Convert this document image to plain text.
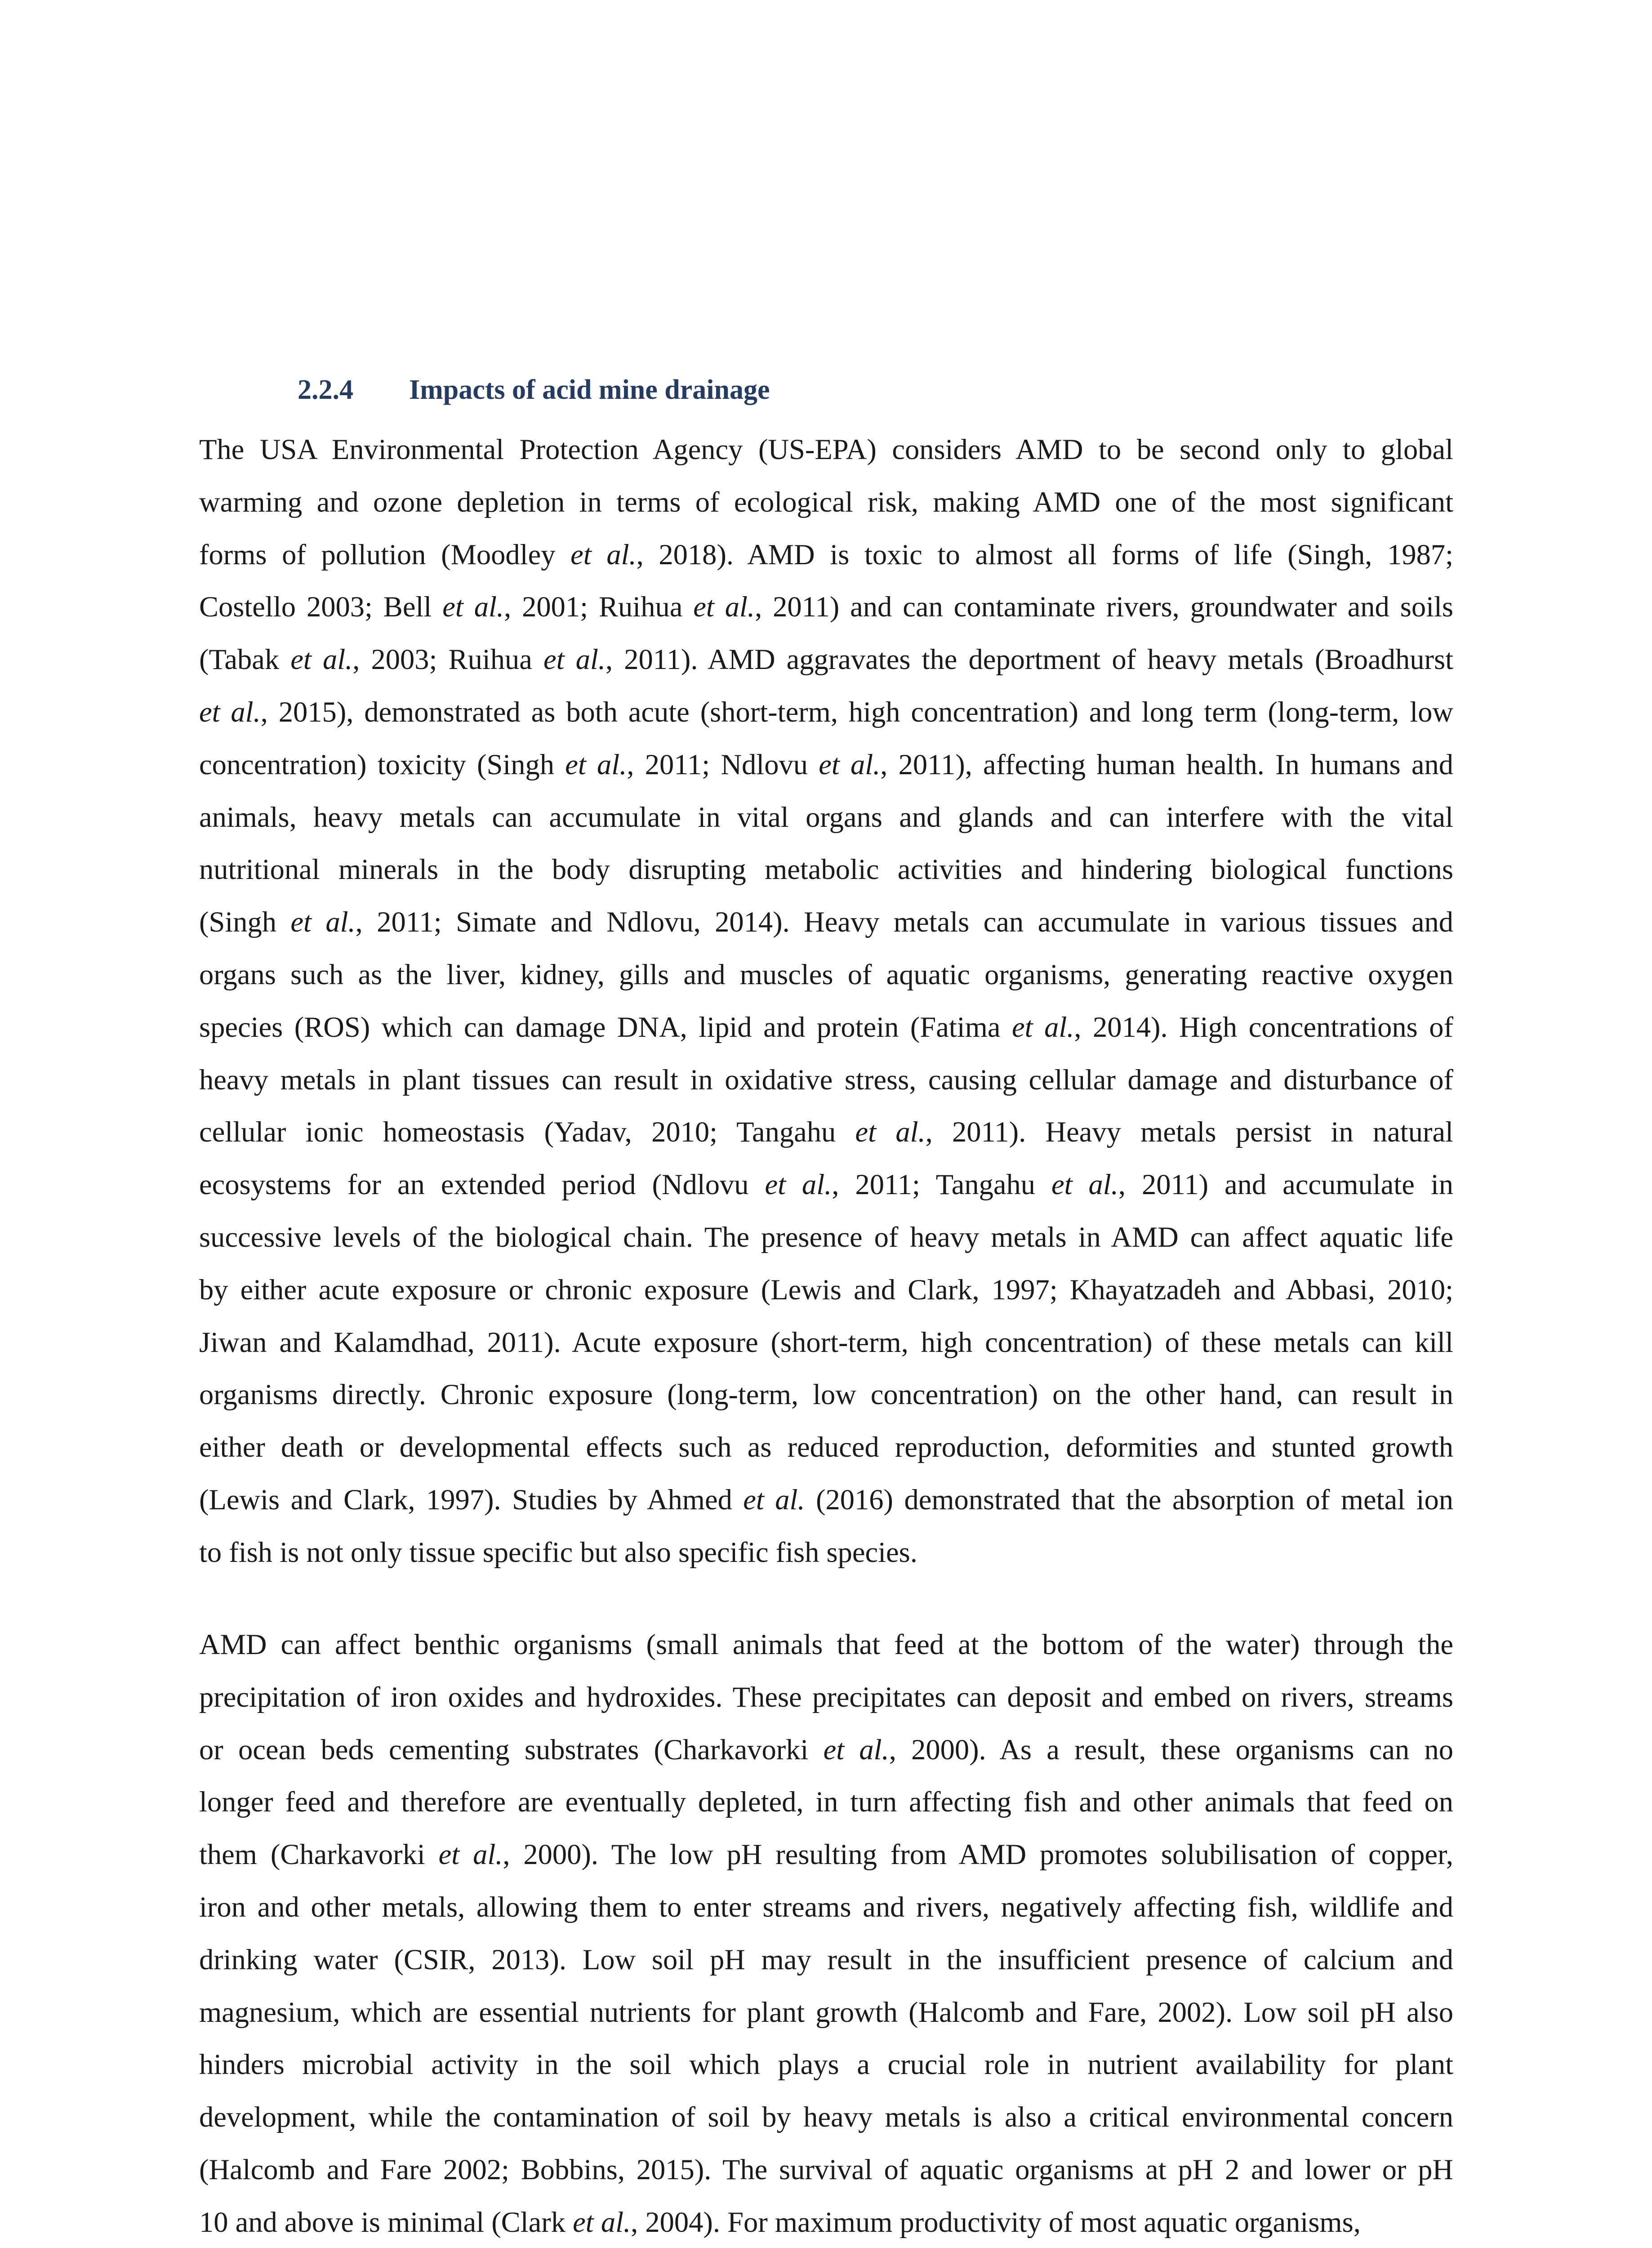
2.2.4 Impacts of acid mine drainage
The USA Environmental Protection Agency (US-EPA) considers AMD to be second only to global
warming and ozone depletion in terms of ecological risk, making AMD one of the most significant
forms of pollution (Moodley et al., 2018). AMD is toxic to almost all forms of life (Singh, 1987;
Costello 2003; Bell et al., 2001; Ruihua et al., 2011) and can contaminate rivers, groundwater and soils
(Tabak et al., 2003; Ruihua et al., 2011). AMD aggravates the deportment of heavy metals (Broadhurst
et al., 2015), demonstrated as both acute (short-term, high concentration) and long term (long-term, low
concentration) toxicity (Singh et al., 2011; Ndlovu et al., 2011), affecting human health. In humans and
animals, heavy metals can accumulate in vital organs and glands and can interfere with the vital
nutritional minerals in the body disrupting metabolic activities and hindering biological functions
(Singh et al., 2011; Simate and Ndlovu, 2014). Heavy metals can accumulate in various tissues and
organs such as the liver, kidney, gills and muscles of aquatic organisms, generating reactive oxygen
species (ROS) which can damage DNA, lipid and protein (Fatima et al., 2014). High concentrations of
heavy metals in plant tissues can result in oxidative stress, causing cellular damage and disturbance of
cellular ionic homeostasis (Yadav, 2010; Tangahu et al., 2011). Heavy metals persist in natural
ecosystems for an extended period (Ndlovu et al., 2011; Tangahu et al., 2011) and accumulate in
successive levels of the biological chain. The presence of heavy metals in AMD can affect aquatic life
by either acute exposure or chronic exposure (Lewis and Clark, 1997; Khayatzadeh and Abbasi, 2010;
Jiwan and Kalamdhad, 2011). Acute exposure (short-term, high concentration) of these metals can kill
organisms directly. Chronic exposure (long-term, low concentration) on the other hand, can result in
either death or developmental effects such as reduced reproduction, deformities and stunted growth
(Lewis and Clark, 1997). Studies by Ahmed et al. (2016) demonstrated that the absorption of metal ion
to fish is not only tissue specific but also specific fish species.
AMD can affect benthic organisms (small animals that feed at the bottom of the water) through the
precipitation of iron oxides and hydroxides. These precipitates can deposit and embed on rivers, streams
or ocean beds cementing substrates (Charkavorki et al., 2000). As a result, these organisms can no
longer feed and therefore are eventually depleted, in turn affecting fish and other animals that feed on
them (Charkavorki et al., 2000). The low pH resulting from AMD promotes solubilisation of copper,
iron and other metals, allowing them to enter streams and rivers, negatively affecting fish, wildlife and
drinking water (CSIR, 2013). Low soil pH may result in the insufficient presence of calcium and
magnesium, which are essential nutrients for plant growth (Halcomb and Fare, 2002). Low soil pH also
hinders microbial activity in the soil which plays a crucial role in nutrient availability for plant
development, while the contamination of soil by heavy metals is also a critical environmental concern
(Halcomb and Fare 2002; Bobbins, 2015). The survival of aquatic organisms at pH 2 and lower or pH
10 and above is minimal (Clark et al., 2004). For maximum productivity of most aquatic organisms,
